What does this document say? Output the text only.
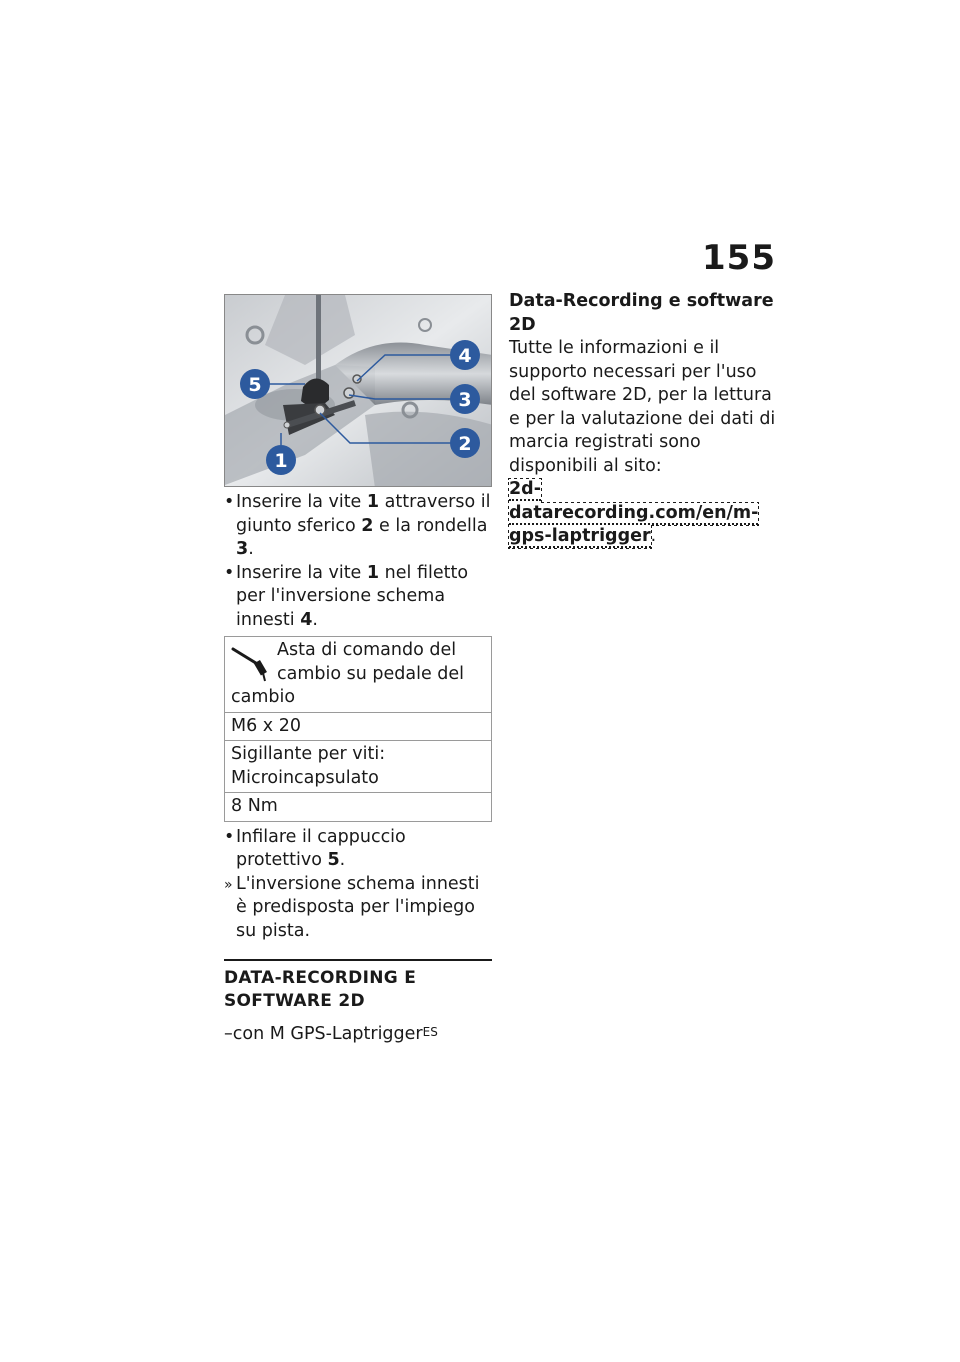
155
1
2
3
4
5
• Inserire la vite 1 attraverso il giunto sferico 2 e la rondella 3.
• Inserire la vite 1 nel filetto per l'inversione schema innesti 4.
Asta di comando del cambio su pedale del cambio
M6 x 20
Sigillante per viti: Microincapsulato
8 Nm
• Infilare il cappuccio protettivo 5.
» L'inversione schema innesti è predisposta per l'impiego su pista.
DATA-RECORDING E SOFTWARE 2D
–con M GPS-Laptrigger$^{ES}$
Data-Recording e software 2D
Tutte le informazioni e il supporto necessari per l'uso del software 2D, per la lettura e per la valutazione dei dati di marcia registrati sono disponibili al sito:
2d-datarecording.com/en/m-gps-laptrigger.
